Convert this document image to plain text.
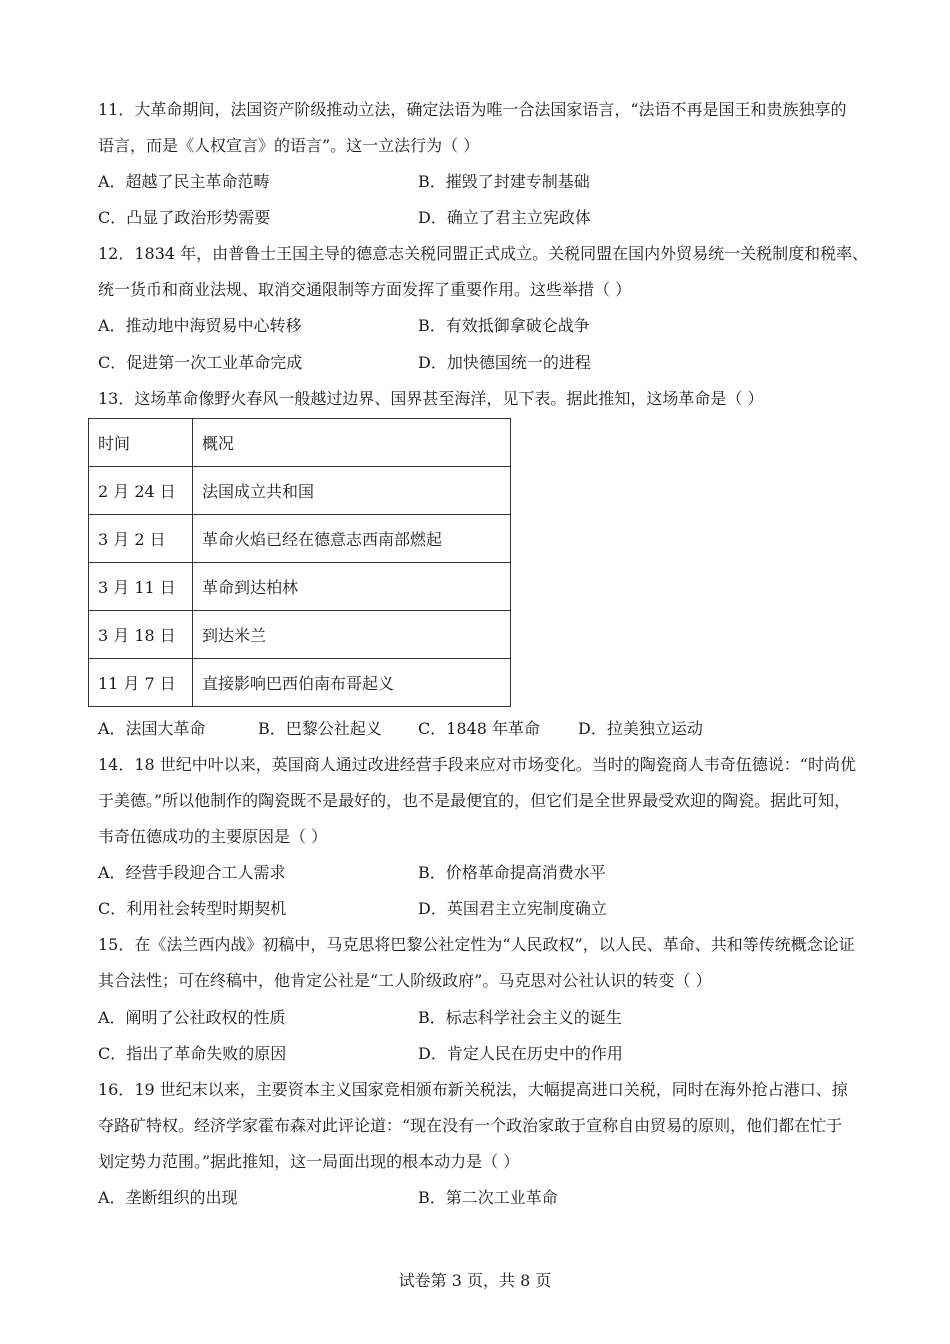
11．大革命期间，法国资产阶级推动立法，确定法语为唯一合法国家语言，“法语不再是国王和贵族独享的
语言，而是《人权宣言》的语言”。这一立法行为（ ）
A．超越了民主革命范畴	B．摧毁了封建专制基础
C．凸显了政治形势需要	D．确立了君主立宪政体
12．1834 年，由普鲁士王国主导的德意志关税同盟正式成立。关税同盟在国内外贸易统一关税制度和税率、
统一货币和商业法规、取消交通限制等方面发挥了重要作用。这些举措（ ）
A．推动地中海贸易中心转移	B．有效抵御拿破仑战争
C．促进第一次工业革命完成	D．加快德国统一的进程
13．这场革命像野火春风一般越过边界、国界甚至海洋，见下表。据此推知，这场革命是（ ）
时间	概况
2 月 24 日	法国成立共和国
3 月 2 日	革命火焰已经在德意志西南部燃起
3 月 11 日	革命到达柏林
3 月 18 日	到达米兰
11 月 7 日	直接影响巴西伯南布哥起义
A．法国大革命	B．巴黎公社起义 C．1848 年革命 D．拉美独立运动
14．18 世纪中叶以来，英国商人通过改进经营手段来应对市场变化。当时的陶瓷商人韦奇伍德说：“时尚优
于美德。”所以他制作的陶瓷既不是最好的，也不是最便宜的，但它们是全世界最受欢迎的陶瓷。据此可知，
韦奇伍德成功的主要原因是（ ）
A．经营手段迎合工人需求	B．价格革命提高消费水平
C．利用社会转型时期契机	D．英国君主立宪制度确立
15．在《法兰西内战》初稿中，马克思将巴黎公社定性为“人民政权”，以人民、革命、共和等传统概念论证
其合法性；可在终稿中，他肯定公社是“工人阶级政府”。马克思对公社认识的转变（ ）
A．阐明了公社政权的性质	B．标志科学社会主义的诞生
C．指出了革命失败的原因	D．肯定人民在历史中的作用
16．19 世纪末以来，主要资本主义国家竞相颁布新关税法，大幅提高进口关税，同时在海外抢占港口、掠
夺路矿特权。经济学家霍布森对此评论道：“现在没有一个政治家敢于宣称自由贸易的原则，他们都在忙于
划定势力范围。”据此推知，这一局面出现的根本动力是（ ）
A．垄断组织的出现	B．第二次工业革命
试卷第 3 页，共 8 页
